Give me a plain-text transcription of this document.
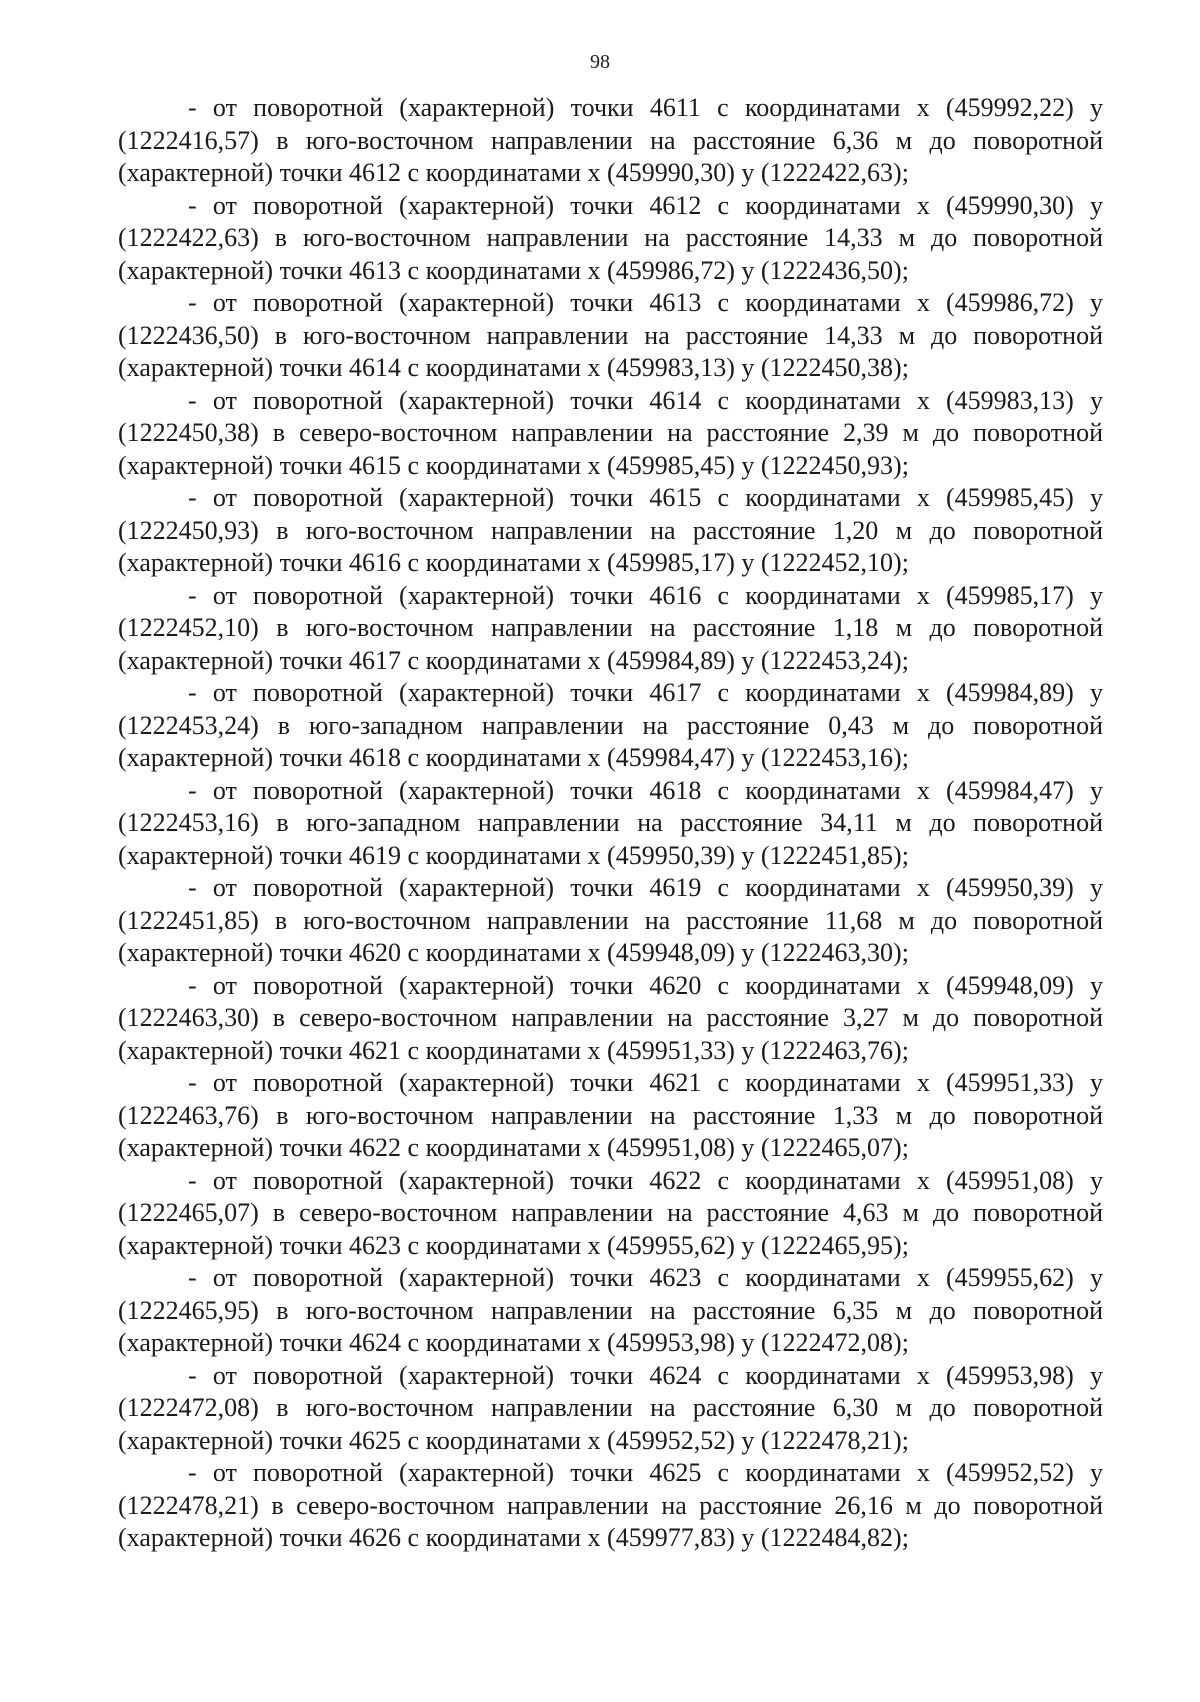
98

- от поворотной (характерной) точки 4611 с координатами х (459992,22) у (1222416,57) в юго-восточном направлении на расстояние 6,36 м до поворотной (характерной) точки 4612 с координатами х (459990,30) у (1222422,63);

- от поворотной (характерной) точки 4612 с координатами х (459990,30) у (1222422,63) в юго-восточном направлении на расстояние 14,33 м до поворотной (характерной) точки 4613 с координатами х (459986,72) у (1222436,50);

- от поворотной (характерной) точки 4613 с координатами х (459986,72) у (1222436,50) в юго-восточном направлении на расстояние 14,33 м до поворотной (характерной) точки 4614 с координатами х (459983,13) у (1222450,38);

- от поворотной (характерной) точки 4614 с координатами х (459983,13) у (1222450,38) в северо-восточном направлении на расстояние 2,39 м до поворотной (характерной) точки 4615 с координатами х (459985,45) у (1222450,93);

- от поворотной (характерной) точки 4615 с координатами х (459985,45) у (1222450,93) в юго-восточном направлении на расстояние 1,20 м до поворотной (характерной) точки 4616 с координатами х (459985,17) у (1222452,10);

- от поворотной (характерной) точки 4616 с координатами х (459985,17) у (1222452,10) в юго-восточном направлении на расстояние 1,18 м до поворотной (характерной) точки 4617 с координатами х (459984,89) у (1222453,24);

- от поворотной (характерной) точки 4617 с координатами х (459984,89) у (1222453,24) в юго-западном направлении на расстояние 0,43 м до поворотной (характерной) точки 4618 с координатами х (459984,47) у (1222453,16);

- от поворотной (характерной) точки 4618 с координатами х (459984,47) у (1222453,16) в юго-западном направлении на расстояние 34,11 м до поворотной (характерной) точки 4619 с координатами х (459950,39) у (1222451,85);

- от поворотной (характерной) точки 4619 с координатами х (459950,39) у (1222451,85) в юго-восточном направлении на расстояние 11,68 м до поворотной (характерной) точки 4620 с координатами х (459948,09) у (1222463,30);

- от поворотной (характерной) точки 4620 с координатами х (459948,09) у (1222463,30) в северо-восточном направлении на расстояние 3,27 м до поворотной (характерной) точки 4621 с координатами х (459951,33) у (1222463,76);

- от поворотной (характерной) точки 4621 с координатами х (459951,33) у (1222463,76) в юго-восточном направлении на расстояние 1,33 м до поворотной (характерной) точки 4622 с координатами х (459951,08) у (1222465,07);

- от поворотной (характерной) точки 4622 с координатами х (459951,08) у (1222465,07) в северо-восточном направлении на расстояние 4,63 м до поворотной (характерной) точки 4623 с координатами х (459955,62) у (1222465,95);

- от поворотной (характерной) точки 4623 с координатами х (459955,62) у (1222465,95) в юго-восточном направлении на расстояние 6,35 м до поворотной (характерной) точки 4624 с координатами х (459953,98) у (1222472,08);

- от поворотной (характерной) точки 4624 с координатами х (459953,98) у (1222472,08) в юго-восточном направлении на расстояние 6,30 м до поворотной (характерной) точки 4625 с координатами х (459952,52) у (1222478,21);

- от поворотной (характерной) точки 4625 с координатами х (459952,52) у (1222478,21) в северо-восточном направлении на расстояние 26,16 м до поворотной (характерной) точки 4626 с координатами х (459977,83) у (1222484,82);
